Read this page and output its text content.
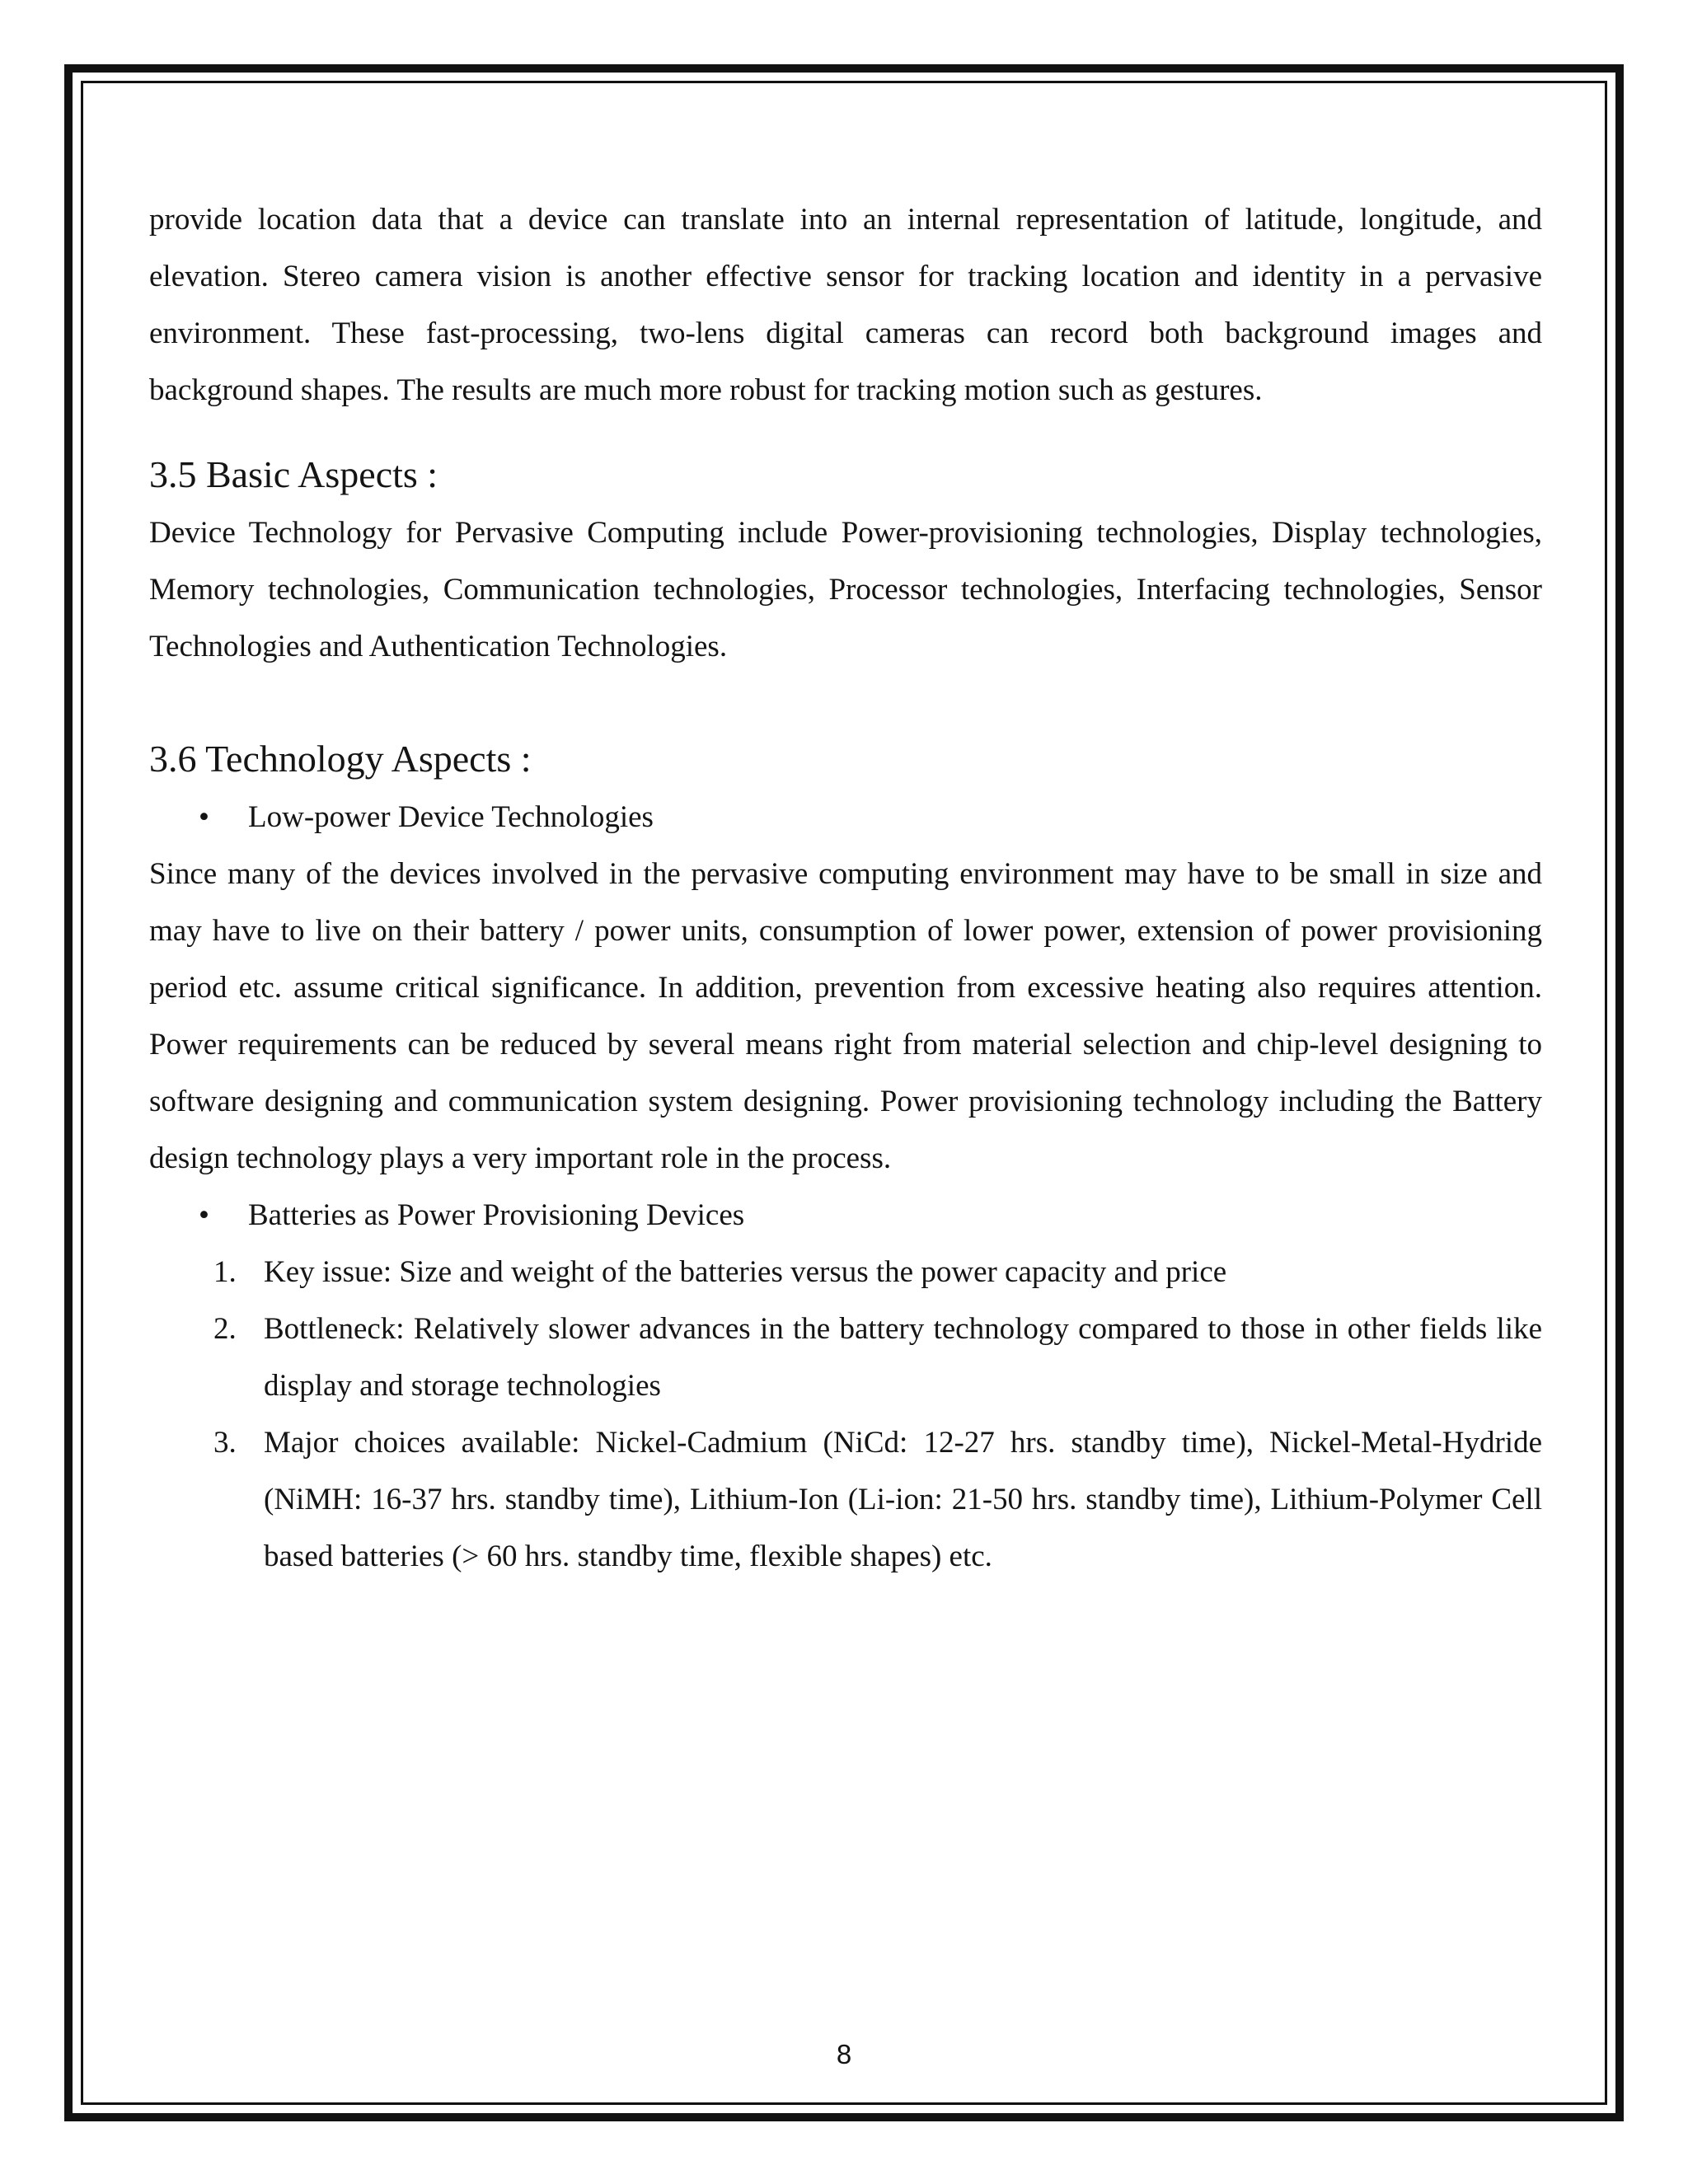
provide location data that a device can translate into an internal representation of latitude, longitude, and elevation. Stereo camera vision is another effective sensor for tracking location and identity in a pervasive environment. These fast-processing, two-lens digital cameras can record both background images and background shapes. The results are much more robust for tracking motion such as gestures.

3.5 Basic Aspects :

Device Technology for Pervasive Computing include Power-provisioning technologies, Display technologies, Memory technologies, Communication technologies, Processor technologies, Interfacing technologies, Sensor Technologies and Authentication Technologies.

3.6 Technology Aspects :
• Low-power Device Technologies

Since many of the devices involved in the pervasive computing environment may have to be small in size and may have to live on their battery / power units, consumption of lower power, extension of power provisioning period etc. assume critical significance. In addition, prevention from excessive heating also requires attention. Power requirements can be reduced by several means right from material selection and chip-level designing to software designing and communication system designing. Power provisioning technology including the Battery design technology plays a very important role in the process.

• Batteries as Power Provisioning Devices
1. Key issue: Size and weight of the batteries versus the power capacity and price
2. Bottleneck: Relatively slower advances in the battery technology compared to those in other fields like display and storage technologies
3. Major choices available: Nickel-Cadmium (NiCd: 12-27 hrs. standby time), Nickel-Metal-Hydride (NiMH: 16-37 hrs. standby time), Lithium-Ion (Li-ion: 21-50 hrs. standby time), Lithium-Polymer Cell based batteries (> 60 hrs. standby time, flexible shapes) etc.
8
